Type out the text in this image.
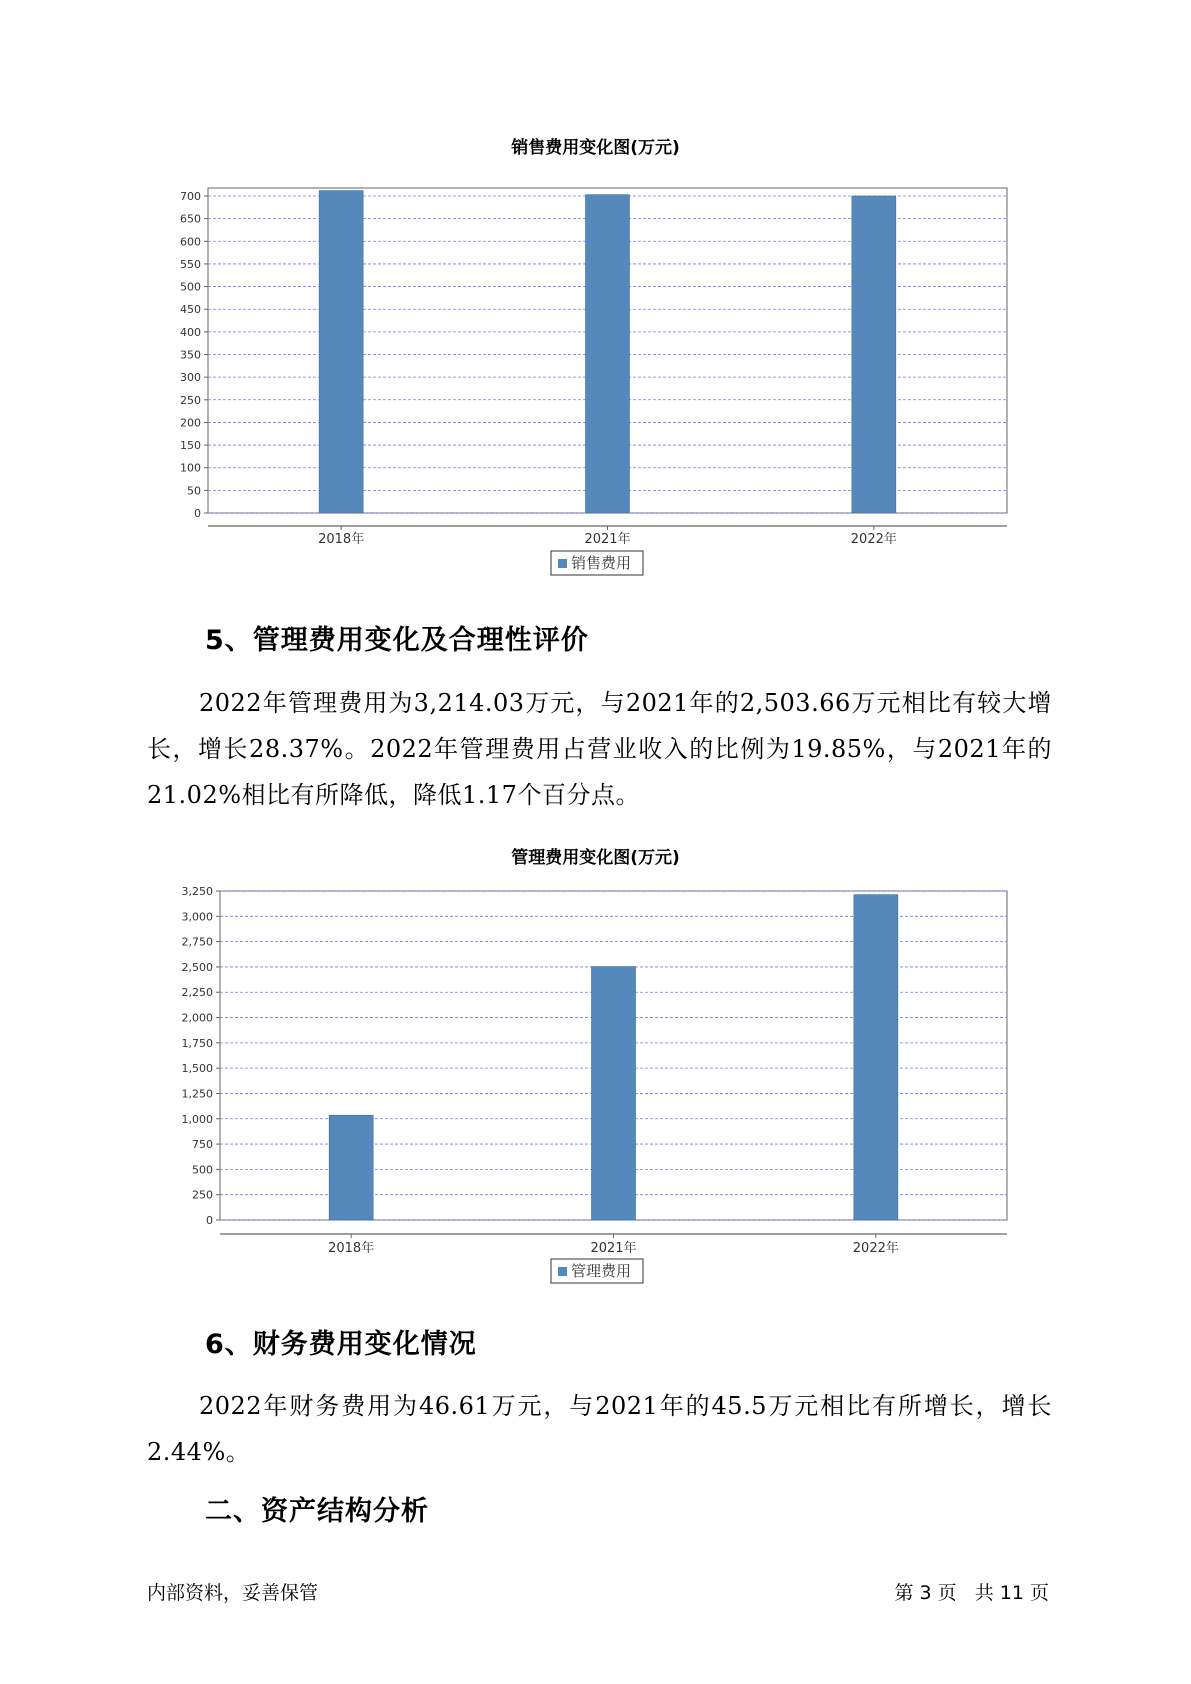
销售费用变化图(万元)
0
50
100
150
200
250
300
350
400
450
500
550
600
650
700
2018年	2021年	2022年
销售费用
5、管理费用变化及合理性评价
2022年管理费用为3,214.03万元，与2021年的2,503.66万元相比有较大增长，增长28.37%。2022年管理费用占营业收入的比例为19.85%，与2021年的21.02%相比有所降低，降低1.17个百分点。
管理费用变化图(万元)
0
250
500
750
1,000
1,250
1,500
1,750
2,000
2,250
2,500
2,750
3,000
3,250
2018年	2021年	2022年
管理费用
6、财务费用变化情况
2022年财务费用为46.61万元，与2021年的45.5万元相比有所增长，增长2.44%。
二、资产结构分析
内部资料，妥善保管	第 3 页   共 11 页
